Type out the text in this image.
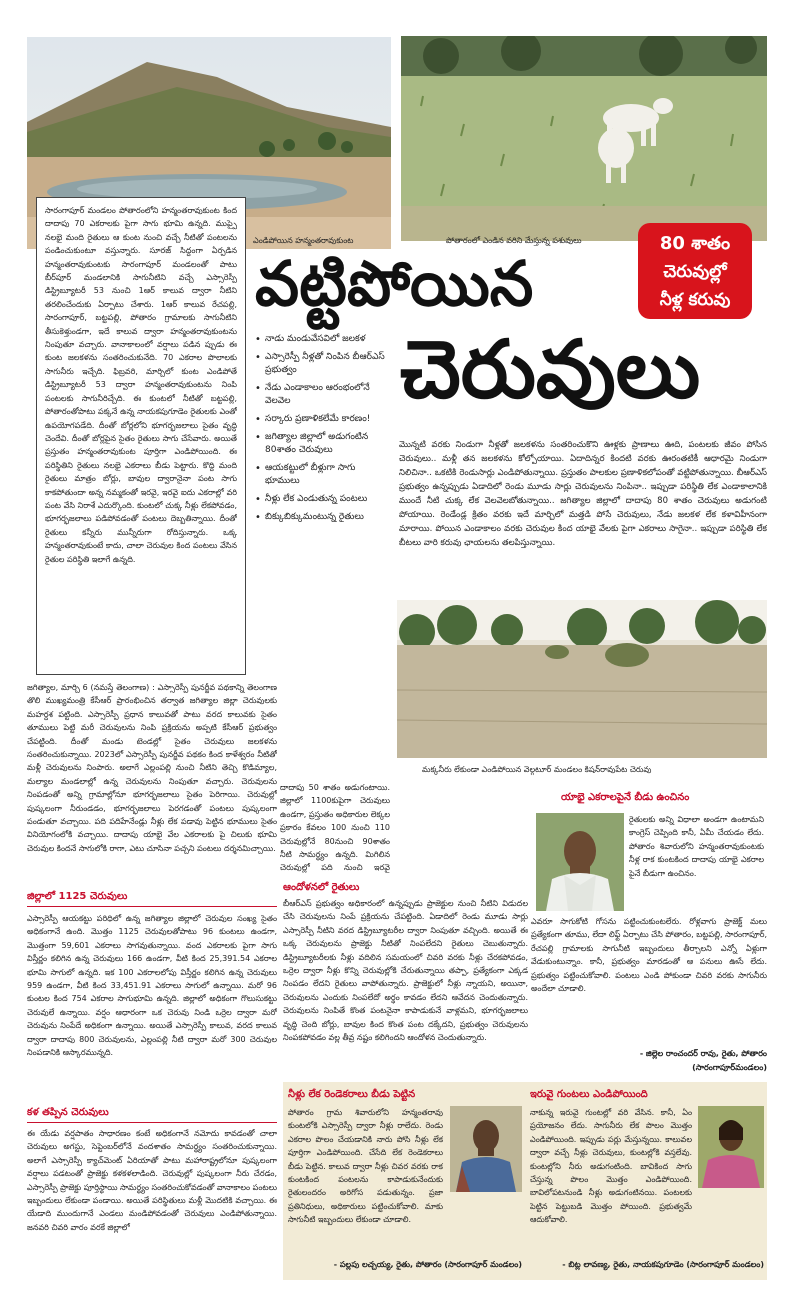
ఎండిపోయిన హన్మంతరావుకుంట	పోతారంలో ఎండిన వరిని మేస్తున్న పశువులు
సారంగాపూర్ మండలం పోతారంలోని హన్మంతరావుకుంట కింద దాదాపు 70 ఎకరాలకు పైగా సాగు భూమి ఉన్నది. ముప్పై నలభై మంది రైతులు ఆ కుంట నుంచి వచ్చే నీటితో పంటలను పండించుకుంటూ వస్తున్నారు. సూరజ్ సిద్దంగా ఏర్పడిన హన్మంతరావుకుంటకు సారంగాపూర్ మండలంతో పాటు బీర్‌పూర్ మండలానికి సాగునీటిని వచ్చే ఎస్సారెస్పీ డిస్ట్రిబ్యూటరీ 53 నుంచి 1ఆర్ కాలువ ద్వారా నీటిని తరలించేందుకు ఏర్పాటు చేశారు. 1ఆర్ కాలువ రేచపల్లి, సారంగాపూర్, బట్టపల్లి, పోతారం గ్రామాలకు సాగునీటిని తీసుకెళ్తుండగా, ఇదే కాలువ ద్వారా హన్మంతరావుకుంటను నింపుతూ వచ్చారు. వానాకాలంలో వర్షాలు పడిన ప్పుడు ఈ కుంట జలకళను సంతరించుకునేది. 70 ఎకరాల పొలాలకు సాగునీరు ఇచ్చేది. ఫిబ్రవరి, మార్చిలో కుంట ఎండిపోతే డిస్ట్రిబ్యూటరీ 53 ద్వారా హన్మంతరావుకుంటను నింపి పంటలకు సాగునీరిచ్చేది. ఈ కుంటలో నీటితో బట్టపల్లి, పోతారంతోపాటు పక్కనే ఉన్న నాయకపుగూడెం రైతులకు ఎంతో ఉపయోగపడేది. దీంతో బోర్లలోని భూగర్భజలాలు సైతం వృద్ధి చెందేవి. దీంతో బోర్లపైన సైతం రైతులు సాగు చేసేవారు. అయితే ప్రస్తుతం హన్మంతరావుకుంట పూర్తిగా ఎండిపోయింది. ఈ పరిస్థితిని రైతులు నలభై ఎకరాలు బీడు పెట్టారు. కొద్ది మంది రైతులు మాత్రం బోర్లు, బావుల ద్వారానైనా పంట సాగు కాకపోతుందా అన్న నమ్మకంతో ఇరవై, ఇరవై ఐదు ఎకరాల్లో వరి పంట వేసి నిరాశే ఎదుర్కొంది. కుంటలో చుక్క నీళ్లు లేకపోవడం, భూగర్భజలాలు పడిపోవడంతో పంటలు దెబ్బతిన్నాయి. దీంతో రైతులు కన్నీరు మున్నీరుగా రోదిస్తున్నారు. ఒక్క హన్మంతరావుకుంటే కాదు, చాలా చెరువుల కింద పంటలు వేసిన రైతుల పరిస్థితి ఇలాగే ఉన్నది.
80 శాతం
చెరువుల్లో
నీళ్ల కరువు
వట్టిపోయిన
చెరువులు
• నాడు మండువేసవిలో జలకళ
• ఎస్సారెస్పీ నీళ్లతో నింపిన బీఆర్‌ఎస్ ప్రభుత్వం
• నేడు ఎండాకాలం ఆరంభంలోనే వెలవెల
• సర్కారు ప్రణాళికలేమే కారణం!
• జగిత్యాల జిల్లాలో అడుగంటిన 80శాతం చెరువులు
• ఆయకట్టులో బీళ్లుగా సాగు భూములు
• నీళ్లు లేక ఎండుతున్న పంటలు
• బిక్కుబిక్కుమంటున్న రైతులు
మొన్నటి వరకు నిండుగా నీళ్లతో జలకళను సంతరించుకొని ఊళ్లకు ప్రాణాలు ఊది, పంటలకు జీవం పోసిన చెరువులు.. మళ్లీ తన జలకళను కోల్పోయాయి. ఏదాదిన్నర కిందటి వరకు ఊరంతటికీ ఆధారమై నిండుగా నిలిచినా.. ఒకటికి రెండుసార్లు ఎండిపోతున్నాయి. ప్రస్తుతం పాలకుల ప్రణాళికలోపంతో వట్టిపోతున్నాయి. బీఆర్ఎస్ ప్రభుత్వం ఉన్నప్పుడు ఏడాదిలో రెండు మూడు సార్లు చెరువులను నింపినా.. ఇప్పుడా పరిస్థితి లేక ఎండాకాలానికి ముందే నీటి చుక్క లేక వెలవెలబోతున్నాయి.. జగిత్యాల జిల్లాలో దాదాపు 80 శాతం చెరువులు అడుగంటి పోయాయి. రెండేండ్ల క్రితం వరకు ఇదే మార్చిలో మత్తడి పోసే చెరువులు, నేడు జలకళ లేక కళావిహీనంగా మారాయి. పోయిన ఎండాకాలం వరకు చెరువుల కింద యాభై వేలకు పైగా ఎకరాలు సాగైనా.. ఇప్పుడా పరిస్థితి లేక బీటలు వారి కరువు ఛాయలను తలపిస్తున్నాయి.
మక్కనీరు లేకుండా ఎండిపోయిన వెల్గటూర్ మండలం కిషన్‌రావుపేట చెరువు
జగిత్యాల, మార్చి 6 (నమస్తే తెలంగాణ) : ఎస్సారెస్పీ పునర్జీవ పథకాన్ని తెలంగాణ తొలి ముఖ్యమంత్రి కేసీఆర్ ప్రారంభించిన తర్వాత జగిత్యాల జిల్లా చెరువులకు మహర్దశ పట్టింది. ఎస్సారెస్పీ ప్రధాన కాలువతో పాటు వరద కాలువకు సైతం తూములు పెట్టి మరీ చెరువులను నింపి ప్రక్రియను అప్పటి కేసీఆర్ ప్రభుత్వం చేపట్టింది. దీంతో మండు టెండల్లో సైతం చెరువులు జలకళను సంతరించుకున్నాయి. 2023లో ఎస్సారెస్పీ పునర్జీవ పథకం కింద కాళేశ్వరం నీటితో మళ్లీ చెరువులను నింపారు. అలాగే ఎల్లంపల్లి నుంచి నీటిని తెచ్చి కొడిమ్యాల, మల్యాల మండలాల్లో ఉన్న చెరువులను నింపుతూ వచ్చారు. చెరువులను నింపడంతో అన్ని గ్రామాల్లోనూ భూగర్భజలాలు సైతం పెరిగాయి. చెరువుల్లో పుష్కలంగా నీరుండడం, భూగర్భజలాలు పెరగడంతో పంటలు పుష్కలంగా పండుతూ వచ్చాయి. పది పదిహేనేండ్లు నీళ్లు లేక పడావు పెట్టిన భూములు సైతం వినియోగంలోకి వచ్చాయి. దాదాపు యాభై వేల ఎకరాలకు పై చిలుకు భూమి చెరువుల కిందనే సాగులోకి రాగా, ఎటు చూసినా పచ్చని పంటలు దర్శనమిచ్చాయి.
జిల్లాలో 1125 చెరువులు
ఎస్సారెస్పీ ఆయకట్టు పరిధిలో ఉన్న జగిత్యాల జిల్లాలో చెరువుల సంఖ్య సైతం అధికంగానే ఉంది. మొత్తం 1125 చెరువులతోపాటు 96 కుంటలు ఉండగా, మొత్తంగా 59,601 ఎకరాలు సాగవుతున్నాయి. వంద ఎకరాలకు పైగా సాగు విస్తీర్ణం కలిగిన ఉన్న చెరువులు 166 ఉండగా, వీటి కింద 25,391.54 ఎకరాల భూమి సాగులో ఉన్నది. ఇక 100 ఎకరాలలోపు విస్తీర్ణం కలిగిన ఉన్న చెరువులు 959 ఉండగా, వీటి కింద 33,451.91 ఎకరాలు సాగులో ఉన్నాయి. మరో 96 కుంటల కింద 754 ఎకరాల సాగుభూమి ఉన్నది. జిల్లాలో అధికంగా గొలుసుకట్టు చెరువులే ఉన్నాయి. వర్షం ఆధారంగా ఒక చెరువు నిండి ఒర్రెల ద్వారా మరో చెరువును నింపేదే అధికంగా ఉన్నాయి. అయితే ఎస్సారెస్పీ కాలువ, వరద కాలువ ద్వారా దాదాపు 800 చెరువులను, ఎల్లంపల్లి నీటి ద్వారా మరో 300 చెరువుల నింపడానికి ఆస్కారమున్నది.
కళ తప్పిన చెరువులు
ఈ యేడు వర్షపాతం సాధారణం కంటే అధికంగానే నమోదు కావడంతో చాలా చెరువులు అగస్టు, సెప్టెంబర్‌లోనే వందశాతం సామర్థ్యం సంతరించుకున్నాయి. అలాగే ఎస్సారెస్పీ క్యాచ్‌మెంట్ ఏరియాతో పాటు మహారాష్ట్రలోనూ పుష్కలంగా వర్షాలు పడటంతో ప్రాజెక్టు కళకళలాడింది. చెరువుల్లో పుష్కలంగా నీరు చేరడం, ఎస్సారెస్పీ ప్రాజెక్టు పూర్తిస్థాయి సామర్థ్యం సంతరించుకోవడంతో వానాకాలం పంటలు ఇబ్బందులు లేకుండా పండాయి. అయితే పరిస్థితులు మళ్లీ మొదటికి వచ్చాయి. ఈ యేడాది ముందుగానే ఎండలు మండిపోవడంతో చెరువులు ఎండిపోతున్నాయి. జనవరి చివరి వారం వరకే జిల్లాలో
దాదాపు 50 శాతం అడుగంటాయి. జిల్లాలో 1100కుపైగా చెరువులు ఉండగా, ప్రస్తుతం అధికారుల లెక్కల ప్రకారం కేవలం 100 నుంచి 110 చెరువుల్లోనే 80నుంచి 90శాతం నీటి సామర్థ్యం ఉన్నది. మిగిలిన చెరువుల్లో పది నుంచి ఇరవై
ఆందోళనలో రైతులు
బీఆర్ఎస్ ప్రభుత్వం అధికారంలో ఉన్నప్పుడు ప్రాజెక్టుల నుంచి నీటిని విడుదల చేసి చెరువులను నింపే ప్రక్రియను చేపట్టింది. ఏడాదిలో రెండు మూడు సార్లు ఎస్సారెస్పీ నీటిని వరద డిస్ట్రిబ్యూటరీల ద్వారా నింపుతూ వచ్చింది. అయితే ఈ ఒక్క చెరువులను ప్రాజెక్టు నీటితో నింపలేదని రైతులు చెబుతున్నారు. డిస్ట్రిబ్యూటరీలకు నీళ్లు వదిలిన సమయంలో చివరి వరకు నీళ్లు చేరకపోవడం, ఒర్రెల ద్వారా నీళ్లు కొన్ని చెరువుల్లోకి చేరుతున్నాయి తప్పా, ప్రత్యేకంగా ఎక్కడ నింపడం లేదని రైతులు వాపోతున్నారు. ప్రాజెక్టులో నీళ్లు న్నాయని, అయినా, చెరువులను ఎందుకు నింపలేదో అర్థం కావడం లేదని ఆవేదన చెందుతున్నారు. చెరువులను నింపితే కొంత పంటనైనా కాపాడుకునే వాళ్లమని, భూగర్భజలాలు వృద్ధి చెంది బోర్లు, బావుల కింద కొంత పంట దక్కేదని, ప్రభుత్వం చెరువులను నింపకపోవడం వల్ల తీవ్ర నష్టం కలిగిందని ఆందోళన చెందుతున్నారు.
యాభై ఎకరాలపైనే బీడు ఉంచినం
రైతులకు అన్ని విధాలా అండగా ఉంటామని కాంగ్రెస్ చెప్పింది కానీ, ఏమీ చేయడం లేదు. పోతారం శివారులోని హన్మంతరావుకుంటకు నీళ్ల రాక కుంటకింద దాదాపు యాభై ఎకరాల పైనే బీడుగా ఉంచినం.
ఎవరూ సాగుకోటి గోసను పట్టించుకుంటలేరు. రోళ్లవాగు ప్రాజెక్ట్ మలు ప్రత్యేకంగా తూము, లేదా లిఫ్ట్ ఏర్పాటు చేసి పోతారం, బట్టపల్లి, సారంగాపూర్, రేచపల్లి గ్రామాలకు సాగునీటి ఇబ్బందులు తీర్చాలని ఎన్నో ఏళ్లుగా వేడుకుంటున్నాం. కానీ, ప్రభుత్వం మారడంతో ఆ పనులు ఊసే లేదు. ప్రభుత్వం పట్టించుకోవాలి. పంటలు ఎండి పోకుండా చివరి వరకు సాగునీరు అందేలా చూడాలి.
- జిల్లెల రాంచందర్ రావు, రైతు, పోతారం
(సారంగాపూర్‌మండలం)
నీళ్లు లేక రెండెకరాలు బీడు పెట్టిన
పోతారం గ్రామ శివారులోని హన్మంతరావు కుంటలోకి ఎస్సారెస్పీ ద్వారా నీళ్లు రాలేదు. రెండు ఎకరాల పొలం చేయడానికి నారు పోసి నీళ్లు లేక పూర్తిగా ఎండిపోయింది. చేసేది లేక రెండెకరాలు బీడు పెట్టిన. కాలువ ద్వారా నీళ్లు చివర వరకు రాక కుంటకింద పంటలను కాపాడుకునేందుకు రైతులందరం అరిగోస పడుతున్నం. ప్రజా ప్రతినిధులు, అధికారులు పట్టించుకోవాలి. మాకు సాగునీటి ఇబ్బందులు లేకుండా చూడాలి.
- పల్లపు లచ్చయ్య, రైతు, పోతారం (సారంగాపూర్ మండలం)
ఇరువై గుంటలు ఎండిపోయింది
నాకున్న ఇరువై గుంటల్లో వరి వేసిన. కానీ, ఏం ప్రయోజనం లేదు. సాగునీరు లేక పొలం మొత్తం ఎండిపోయింది. ఇప్పుడు పర్లు మేస్తున్నయి. కాలువల ద్వారా వచ్చే నీళ్లు చెరువులు, కుంటల్లోకి వస్తలేవు. కుంటల్లోని నీరు అడుగంటింది. బావికింద సాగు చేస్తున్న పొలం మొత్తం ఎండిపోయింది. బావిలోపటనుండి నీళ్లు అడుగంటినయి. పంటలకు పెట్టిన పెట్టుబడి మొత్తం పోయింది. ప్రభుత్వమే ఆదుకోవాలి.
- బిట్ల లావణ్య, రైతు, నాయకపుగూడెం (సారంగాపూర్ మండలం)
